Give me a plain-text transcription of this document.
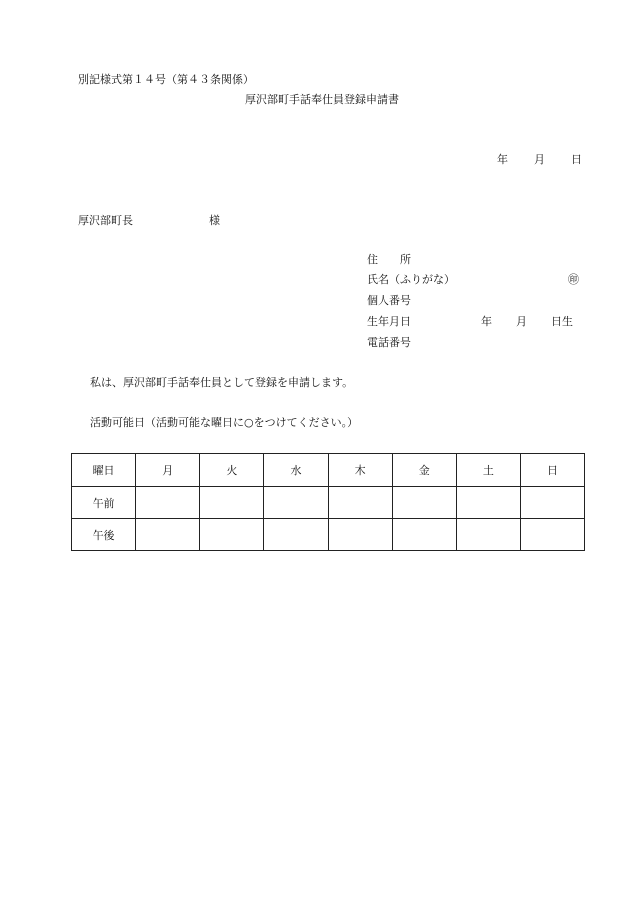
別記様式第１４号（第４３条関係）
厚沢部町手話奉仕員登録申請書
年 月 日
厚沢部町長	様
住 所
氏名（ふりがな）	㊞
個人番号
生年月日	年 月 日生
電話番号
私は、厚沢部町手話奉仕員として登録を申請します。
活動可能日（活動可能な曜日に○をつけてください。）
曜日	月	火	水	木	金	土	日
午前							
午後							
